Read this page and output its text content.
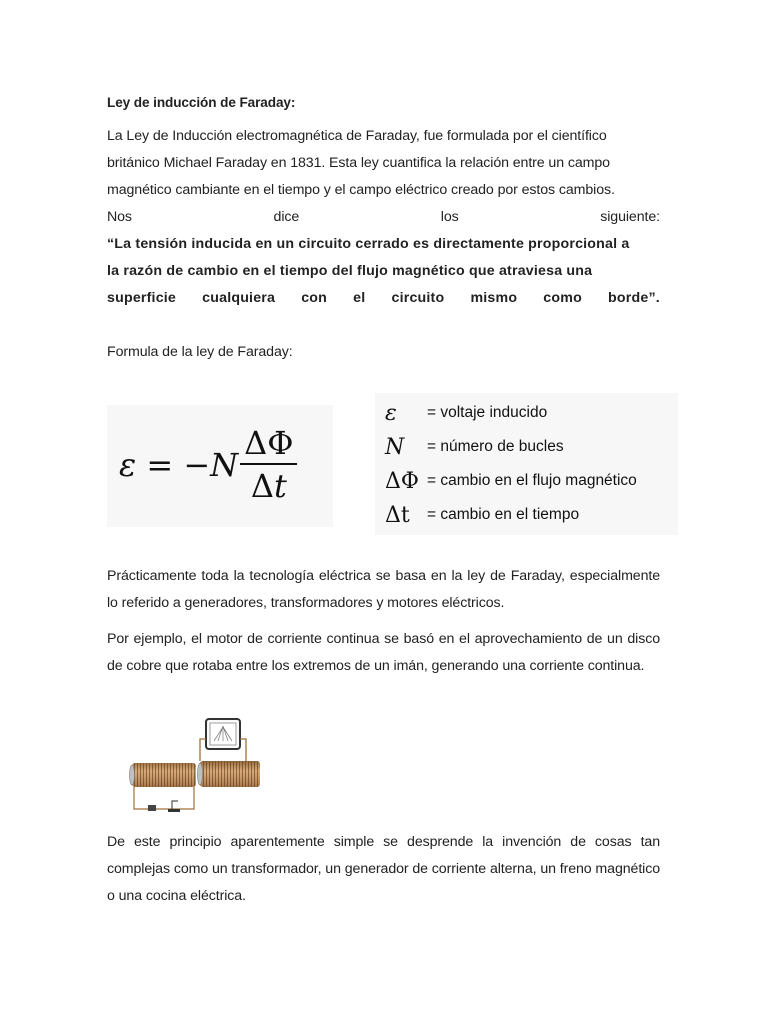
Ley de inducción de Faraday:
La Ley de Inducción electromagnética de Faraday, fue formulada por el científico
británico Michael Faraday en 1831. Esta ley cuantifica la relación entre un campo
magnético cambiante en el tiempo y el campo eléctrico creado por estos cambios.
Nos	dice	los	siguiente:
“La tensión inducida en un circuito cerrado es directamente proporcional a
la razón de cambio en el tiempo del flujo magnético que atraviesa una
superficie cualquiera con el circuito mismo como borde”.
Formula de la ley de Faraday:
ε = − N $\frac{\Delta\Phi}{\Delta t}$
ε	= voltaje inducido
N	= número de bucles
ΔΦ = cambio en el flujo magnético
Δt	= cambio en el tiempo
Prácticamente toda la tecnología eléctrica se basa en la ley de Faraday, especialmente lo referido a generadores, transformadores y motores eléctricos.
Por ejemplo, el motor de corriente continua se basó en el aprovechamiento de un disco de cobre que rotaba entre los extremos de un imán, generando una corriente continua.
De este principio aparentemente simple se desprende la invención de cosas tan complejas como un transformador, un generador de corriente alterna, un freno magnético o una cocina eléctrica.
